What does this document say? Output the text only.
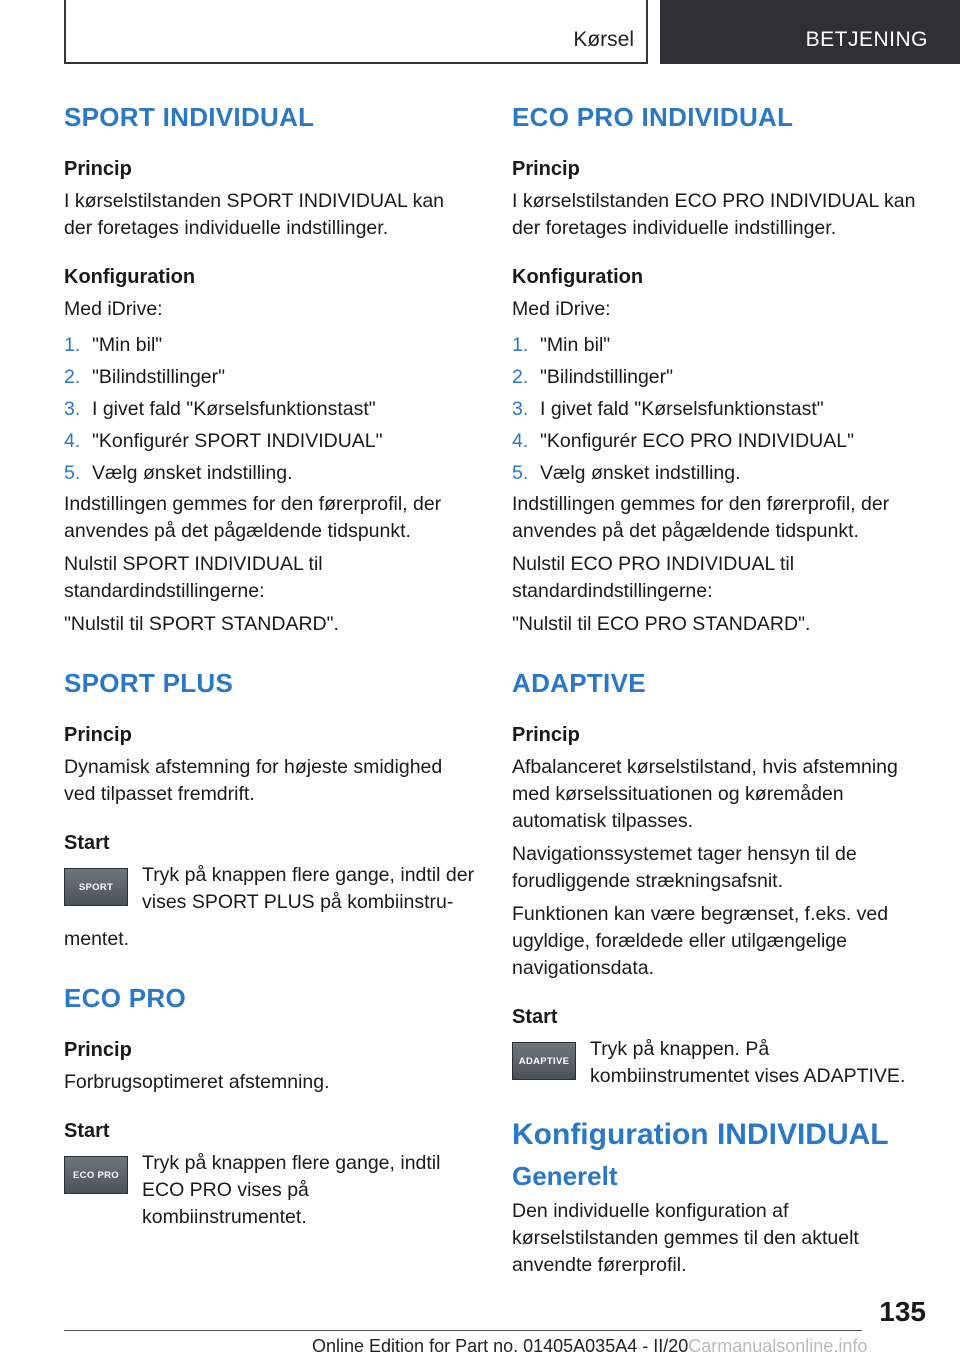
Kørsel	BETJENING
SPORT INDIVIDUAL
Princip

I kørselstilstanden SPORT INDIVIDUAL kan der foretages individuelle indstillinger.

Konfiguration

Med iDrive:

1. "Min bil"
2. "Bilindstillinger"
3. I givet fald "Kørselsfunktionstast"
4. "Konfigurér SPORT INDIVIDUAL"
5. Vælg ønsket indstilling.

Indstillingen gemmes for den førerprofil, der anvendes på det pågældende tidspunkt.

Nulstil SPORT INDIVIDUAL til standardindstillingerne:

"Nulstil til SPORT STANDARD".

SPORT PLUS
Princip

Dynamisk afstemning for højeste smidighed ved tilpasset fremdrift.

Start
SPORT
Tryk på knappen flere gange, indtil der vises SPORT PLUS på kombiinstru-
mentet.
ECO PRO
Princip

Forbrugsoptimeret afstemning.

Start
ECO PRO
Tryk på knappen flere gange, indtil ECO PRO vises på kombiinstrumentet.
ECO PRO INDIVIDUAL
Princip

I kørselstilstanden ECO PRO INDIVIDUAL kan der foretages individuelle indstillinger.

Konfiguration

Med iDrive:

1. "Min bil"
2. "Bilindstillinger"
3. I givet fald "Kørselsfunktionstast"
4. "Konfigurér ECO PRO INDIVIDUAL"
5. Vælg ønsket indstilling.

Indstillingen gemmes for den førerprofil, der anvendes på det pågældende tidspunkt.

Nulstil ECO PRO INDIVIDUAL til standardindstillingerne:

"Nulstil til ECO PRO STANDARD".

ADAPTIVE
Princip

Afbalanceret kørselstilstand, hvis afstemning med kørselssituationen og køremåden automatisk tilpasses.

Navigationssystemet tager hensyn til de forudliggende strækningsafsnit.

Funktionen kan være begrænset, f.eks. ved ugyldige, forældede eller utilgængelige navigationsdata.

Start
ADAPTIVE
Tryk på knappen. På kombiinstrumentet vises ADAPTIVE.
Konfiguration INDIVIDUAL
Generelt

Den individuelle konfiguration af kørselstilstanden gemmes til den aktuelt anvendte førerprofil.

135
Online Edition for Part no. 01405A035A4 - II/20Carmanualsonline.info
